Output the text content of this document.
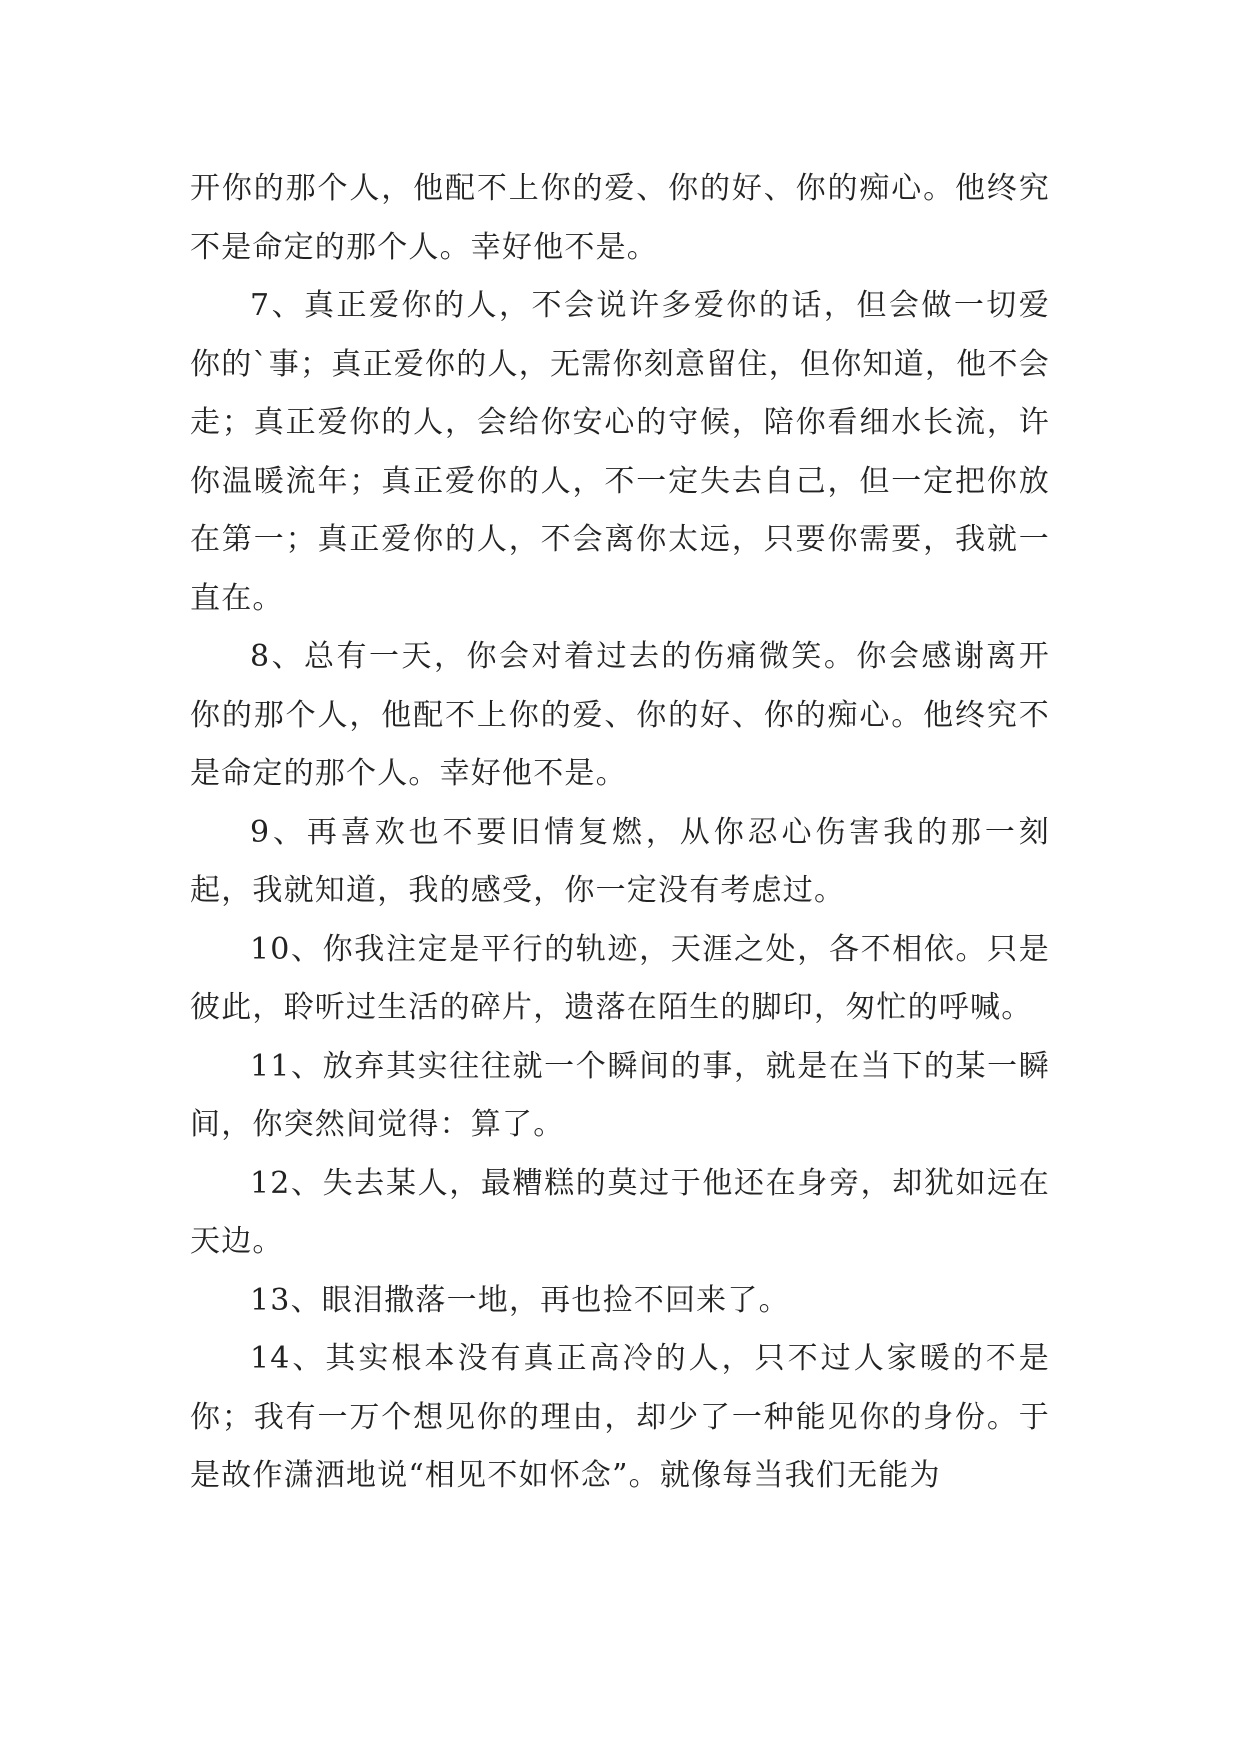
开你的那个人，他配不上你的爱、你的好、你的痴心。他终究不是命定的那个人。幸好他不是。

7、真正爱你的人，不会说许多爱你的话，但会做一切爱你的`事；真正爱你的人，无需你刻意留住，但你知道，他不会走；真正爱你的人，会给你安心的守候，陪你看细水长流，许你温暖流年；真正爱你的人，不一定失去自己，但一定把你放在第一；真正爱你的人，不会离你太远，只要你需要，我就一直在。

8、总有一天，你会对着过去的伤痛微笑。你会感谢离开你的那个人，他配不上你的爱、你的好、你的痴心。他终究不是命定的那个人。幸好他不是。

9、再喜欢也不要旧情复燃，从你忍心伤害我的那一刻起，我就知道，我的感受，你一定没有考虑过。

10、你我注定是平行的轨迹，天涯之处，各不相依。只是彼此，聆听过生活的碎片，遗落在陌生的脚印，匆忙的呼喊。

11、放弃其实往往就一个瞬间的事，就是在当下的某一瞬间，你突然间觉得：算了。

12、失去某人，最糟糕的莫过于他还在身旁，却犹如远在天边。

13、眼泪撒落一地，再也捡不回来了。

14、其实根本没有真正高冷的人，只不过人家暖的不是你；我有一万个想见你的理由，却少了一种能见你的身份。于是故作潇洒地说“相见不如怀念”。就像每当我们无能为
